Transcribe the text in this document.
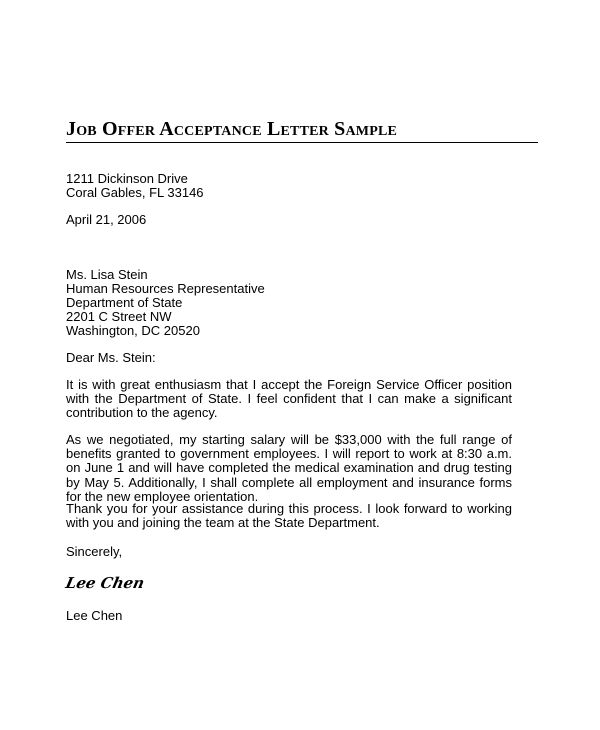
Job Offer Acceptance Letter Sample
1211 Dickinson Drive
Coral Gables, FL 33146
April 21, 2006
Ms. Lisa Stein
Human Resources Representative
Department of State
2201 C Street NW
Washington, DC 20520
Dear Ms. Stein:
It is with great enthusiasm that I accept the Foreign Service Officer position with the Department of State. I feel confident that I can make a significant contribution to the agency.
As we negotiated, my starting salary will be $33,000 with the full range of benefits granted to government employees. I will report to work at 8:30 a.m. on June 1 and will have completed the medical examination and drug testing by May 5. Additionally, I shall complete all employment and insurance forms for the new employee orientation.
Thank you for your assistance during this process. I look forward to working with you and joining the team at the State Department.
Sincerely,
Lee Chen
Lee Chen
